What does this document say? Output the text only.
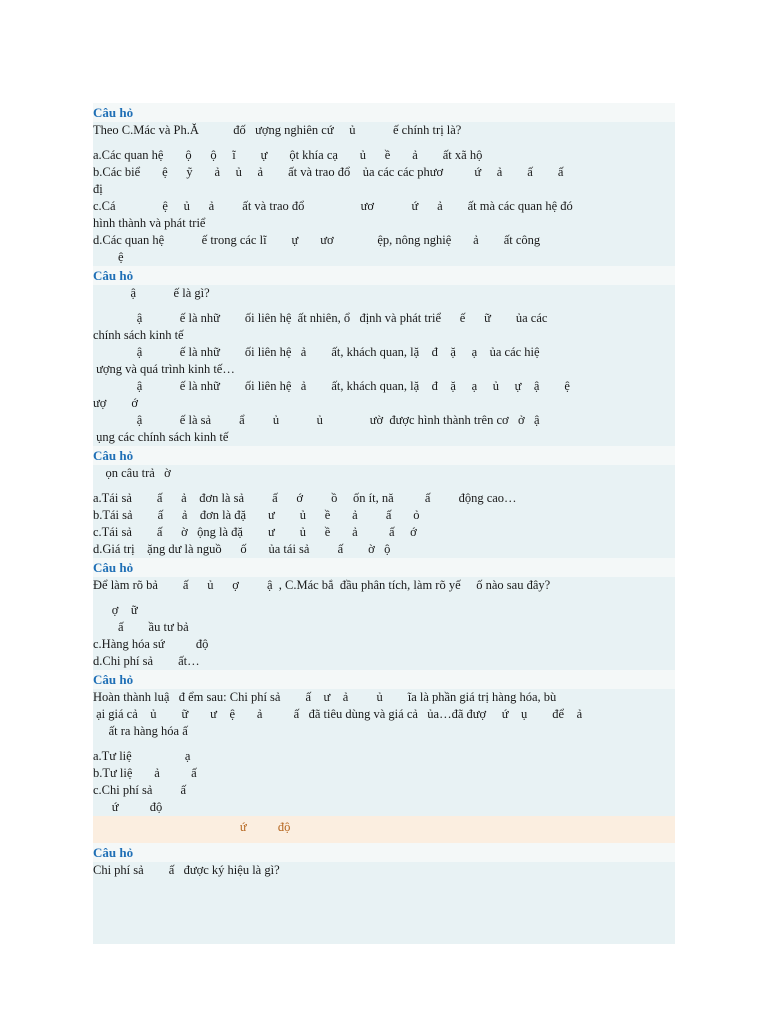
Câu hỏ
Theo C.Mác và Ph.Ă           đố   ượng nghiên cứ     ủ            ế chính trị là?
a.Các quan hệ       ộ      ộ     ĩ        ự       ột khía cạ       ủ      ề       ả        ất xã hộ
b.Các biể       ệ      ỹ       ả     ủ     ả        ất và trao đổ    ủa các các phươ          ứ     ả        ấ        ấ
đị
c.Cá               ệ     ủ      ả         ất và trao đổ                  ươ            ứ      ả        ất mà các quan hệ đó
hình thành và phát triể
d.Các quan hệ            ế trong các lĩ        ự       ươ              ệp, nông nghiệ       ả        ất công
ệ
Câu hỏ
ậ            ế là gì?
ậ            ế là nhữ        ối liên hệ  ất nhiên, ổ   định và phát triể      ế      ữ        ủa các
chính sách kinh tế
ậ            ế là nhữ        ối liên hệ   ả        ất, khách quan, lặ    đ    ặ     ạ    ủa các hiệ
ượng và quá trình kinh tế…
ậ            ế là nhữ        ối liên hệ   ả        ất, khách quan, lặ    đ    ặ     ạ     ủ     ự    ậ        ệ
ượ        ớ
ậ            ế là sả         ẩ         ủ            ủ               ườ  được hình thành trên cơ   ở   ậ
ụng các chính sách kinh tế
Câu hỏ
ọn câu trả   ờ
a.Tái sả        ấ      ả    đơn là sả         ấ      ớ         ồ     ốn ít, nă          ấ         động cao…
b.Tái sả        ấ      ả    đơn là đặ       ư        ủ      ề       ả         ấ       ỏ
c.Tái sả        ấ      ờ   ộng là đặ        ư        ủ      ề       ả          ấ     ớ
d.Giá trị    ặng dư là nguồ      ố       ủa tái sả         ấ        ờ   ộ
Câu hỏ
Để làm rõ bả        ấ      ủ      ợ         ậ  , C.Mác bắ  đầu phân tích, làm rõ yế     ố nào sau đây?
ợ    ữ
ấ        ầu tư bả
c.Hàng hóa sứ          độ
d.Chi phí sả        ất…
Câu hỏ
Hoàn thành luậ   đ ểm sau: Chi phí sả        ấ    ư    ả         ủ        ĩa là phần giá trị hàng hóa, bù
ại giá cả    ủ        ữ       ư    ệ       ả          ấ   đã tiêu dùng và giá cả   ủa…đã đượ     ứ    ụ        để    ả
ất ra hàng hóa ấ
a.Tư liệ                 ạ
b.Tư liệ       ả          ấ
c.Chi phí sả         ấ
ứ          độ
ứ          độ
Câu hỏ
Chi phí sả        ấ   được ký hiệu là gì?
